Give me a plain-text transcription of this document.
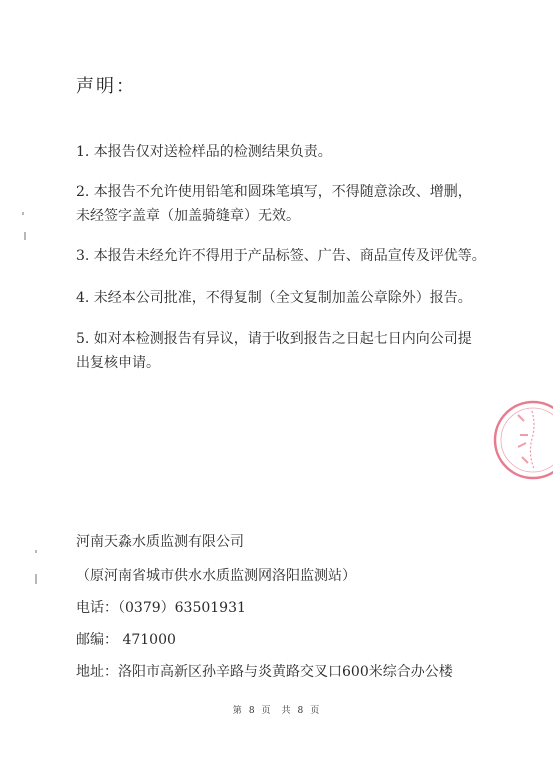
声明：
1. 本报告仅对送检样品的检测结果负责。
2. 本报告不允许使用铅笔和圆珠笔填写，不得随意涂改、增删，
未经签字盖章（加盖骑缝章）无效。
3. 本报告未经允许不得用于产品标签、广告、商品宣传及评优等。
4. 未经本公司批准，不得复制（全文复制加盖公章除外）报告。
5. 如对本检测报告有异议，请于收到报告之日起七日内向公司提
出复核申请。
河南天淼水质监测有限公司
（原河南省城市供水水质监测网洛阳监测站）
电话：（0379）63501931
邮编： 471000
地址：洛阳市高新区孙辛路与炎黄路交叉口600米综合办公楼
第 8 页 共 8 页
